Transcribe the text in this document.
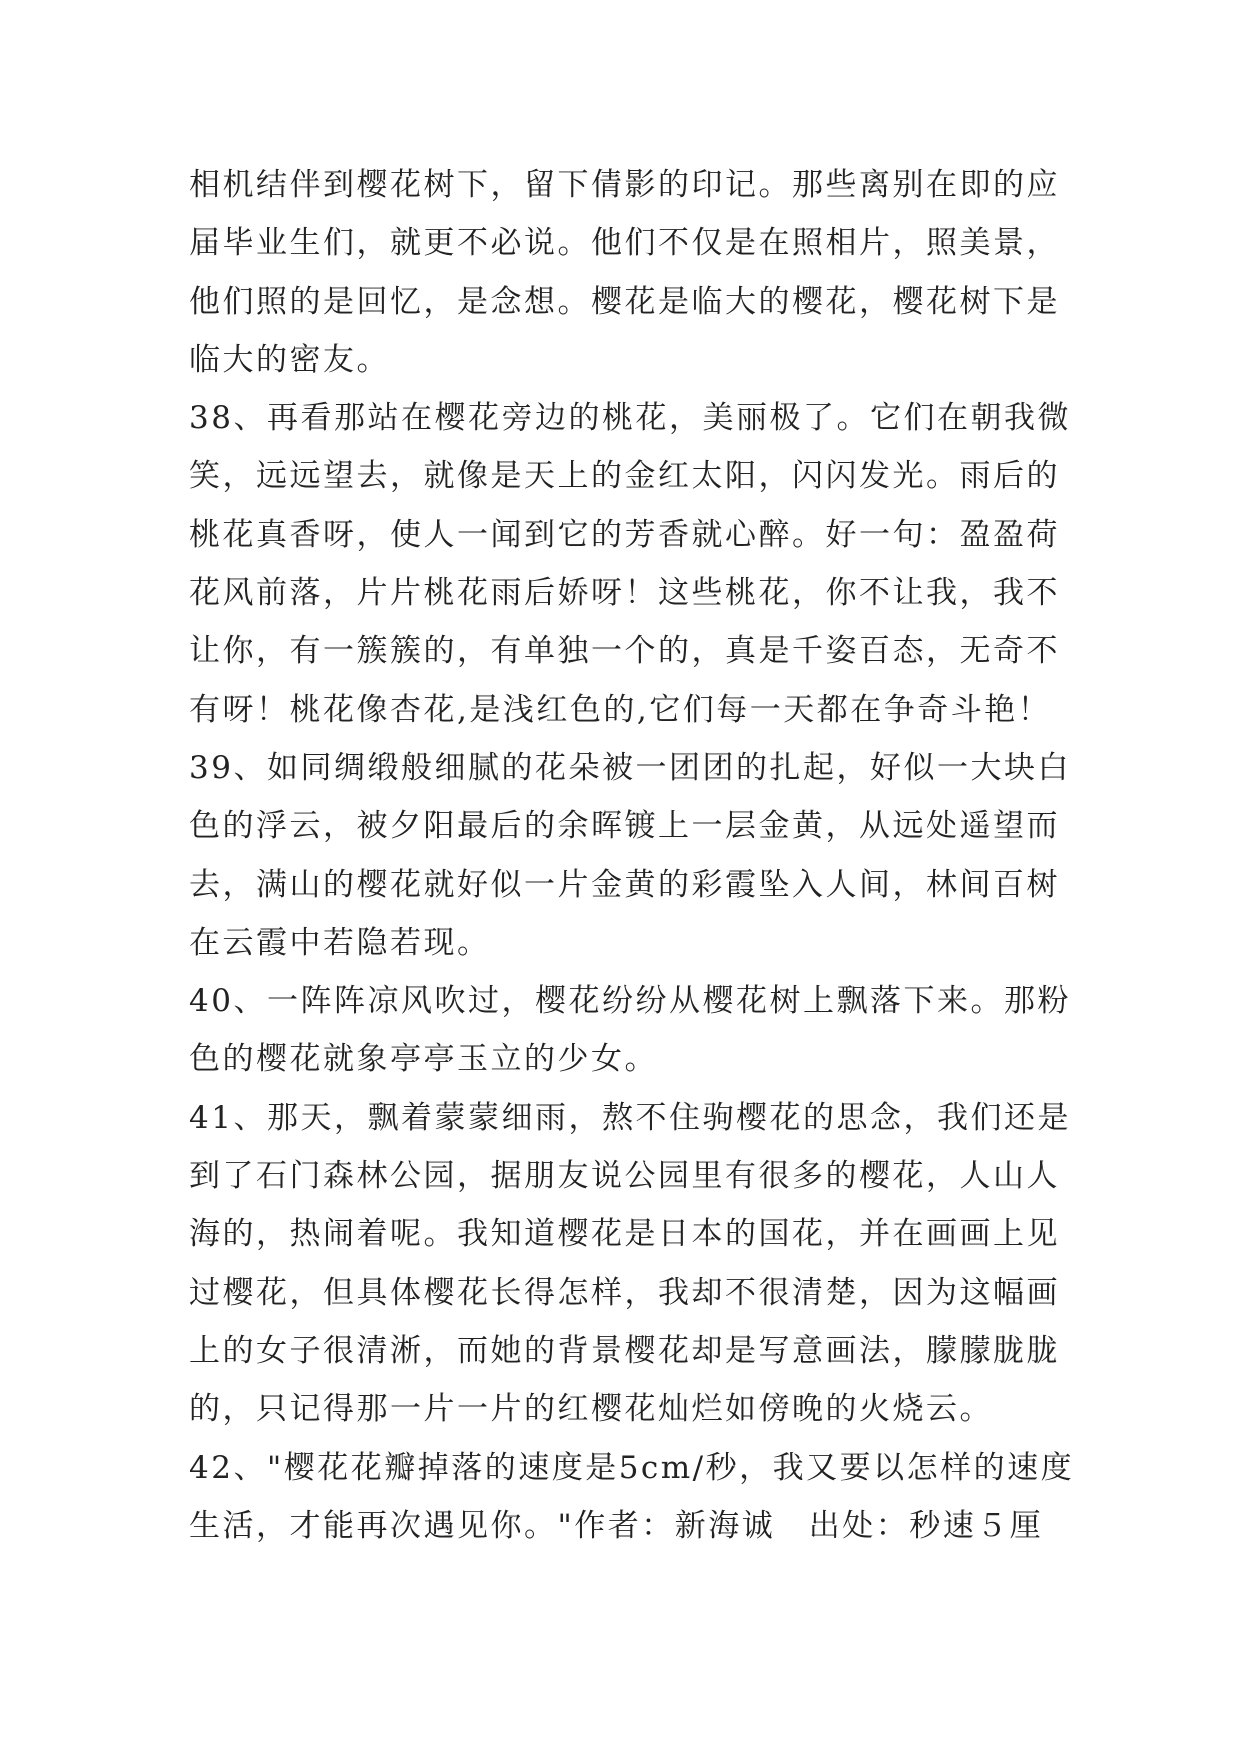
相机结伴到樱花树下，留下倩影的印记。那些离别在即的应
届毕业生们，就更不必说。他们不仅是在照相片，照美景，
他们照的是回忆，是念想。樱花是临大的樱花，樱花树下是
临大的密友。
38、再看那站在樱花旁边的桃花，美丽极了。它们在朝我微
笑，远远望去，就像是天上的金红太阳，闪闪发光。雨后的
桃花真香呀，使人一闻到它的芳香就心醉。好一句：盈盈荷
花风前落，片片桃花雨后娇呀！这些桃花，你不让我，我不
让你，有一簇簇的，有单独一个的，真是千姿百态，无奇不
有呀！桃花像杏花,是浅红色的,它们每一天都在争奇斗艳！
39、如同绸缎般细腻的花朵被一团团的扎起，好似一大块白
色的浮云，被夕阳最后的余晖镀上一层金黄，从远处遥望而
去，满山的樱花就好似一片金黄的彩霞坠入人间，林间百树
在云霞中若隐若现。
40、一阵阵凉风吹过，樱花纷纷从樱花树上飘落下来。那粉
色的樱花就象亭亭玉立的少女。
41、那天，飘着蒙蒙细雨，熬不住驹樱花的思念，我们还是
到了石门森林公园，据朋友说公园里有很多的樱花，人山人
海的，热闹着呢。我知道樱花是日本的国花，并在画画上见
过樱花，但具体樱花长得怎样，我却不很清楚，因为这幅画
上的女子很清淅，而她的背景樱花却是写意画法，朦朦胧胧
的，只记得那一片一片的红樱花灿烂如傍晚的火烧云。
42、"樱花花瓣掉落的速度是5cm/秒，我又要以怎样的速度
生活，才能再次遇见你。"作者：新海诚　出处：秒速５厘
